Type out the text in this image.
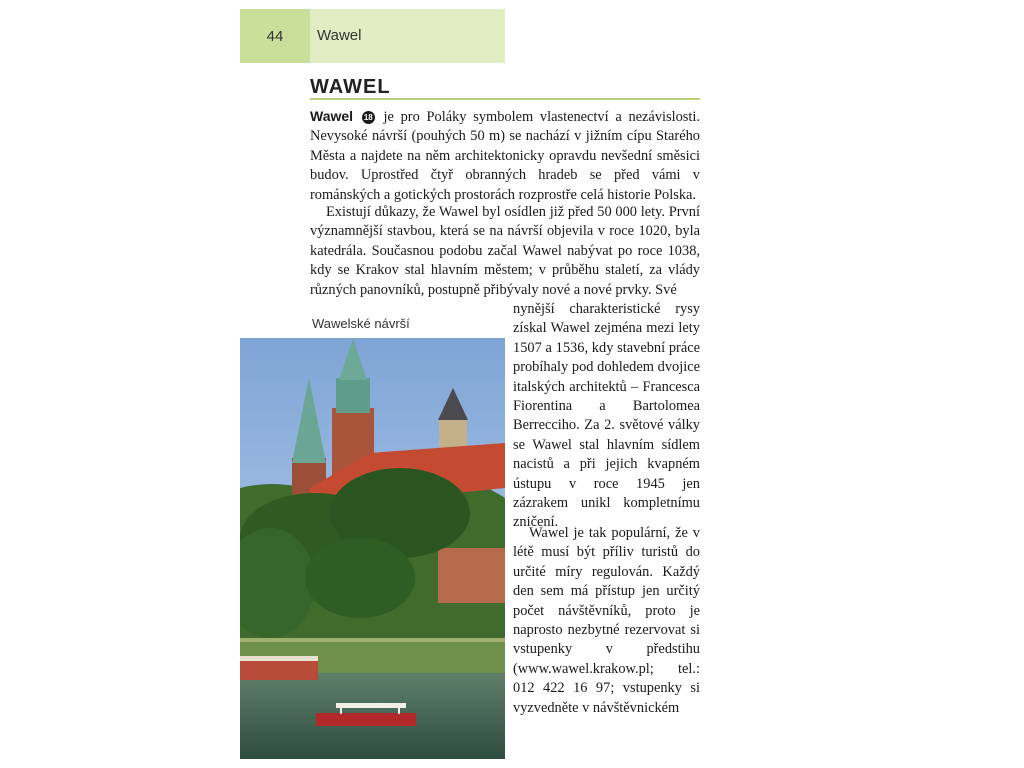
44	Wawel
WAWEL

Wawel 18 je pro Poláky symbolem vlastenectví a nezávislosti. Nevysoké návrší (pouhých 50 m) se nachází v jižním cípu Starého Města a najdete na něm architektonicky opravdu nevšední směsici budov. Uprostřed čtyř obranných hradeb se před vámi v románských a gotických prostorách rozprostře celá historie Polska.

Existují důkazy, že Wawel byl osídlen již před 50 000 lety. První významnější stavbou, která se na návrší objevila v roce 1020, byla katedrála. Současnou podobu začal Wawel nabývat po roce 1038, kdy se Krakov stal hlavním městem; v průběhu staletí, za vlády různých panovníků, postupně přibývaly nové a nové prvky. Své

nynější charakteristické rysy získal Wawel zejména mezi lety 1507 a 1536, kdy stavební práce probíhaly pod dohledem dvojice italských architektů – Francesca Fiorentina a Bartolomea Berrecciho. Za 2. světové války se Wawel stal hlavním sídlem nacistů a při jejich kvapném ústupu v roce 1945 jen zázrakem unikl kompletnímu zničení.

Wawel je tak populární, že v létě musí být příliv turistů do určité míry regulován. Každý den sem má přístup jen určitý počet návštěvníků, proto je naprosto nezbytné rezervovat si vstupenky v předstihu (www.wawel.krakow.pl; tel.: 012 422 16 97; vstupenky si vyzvedněte v návštěvnickém

Wawelské návrší
